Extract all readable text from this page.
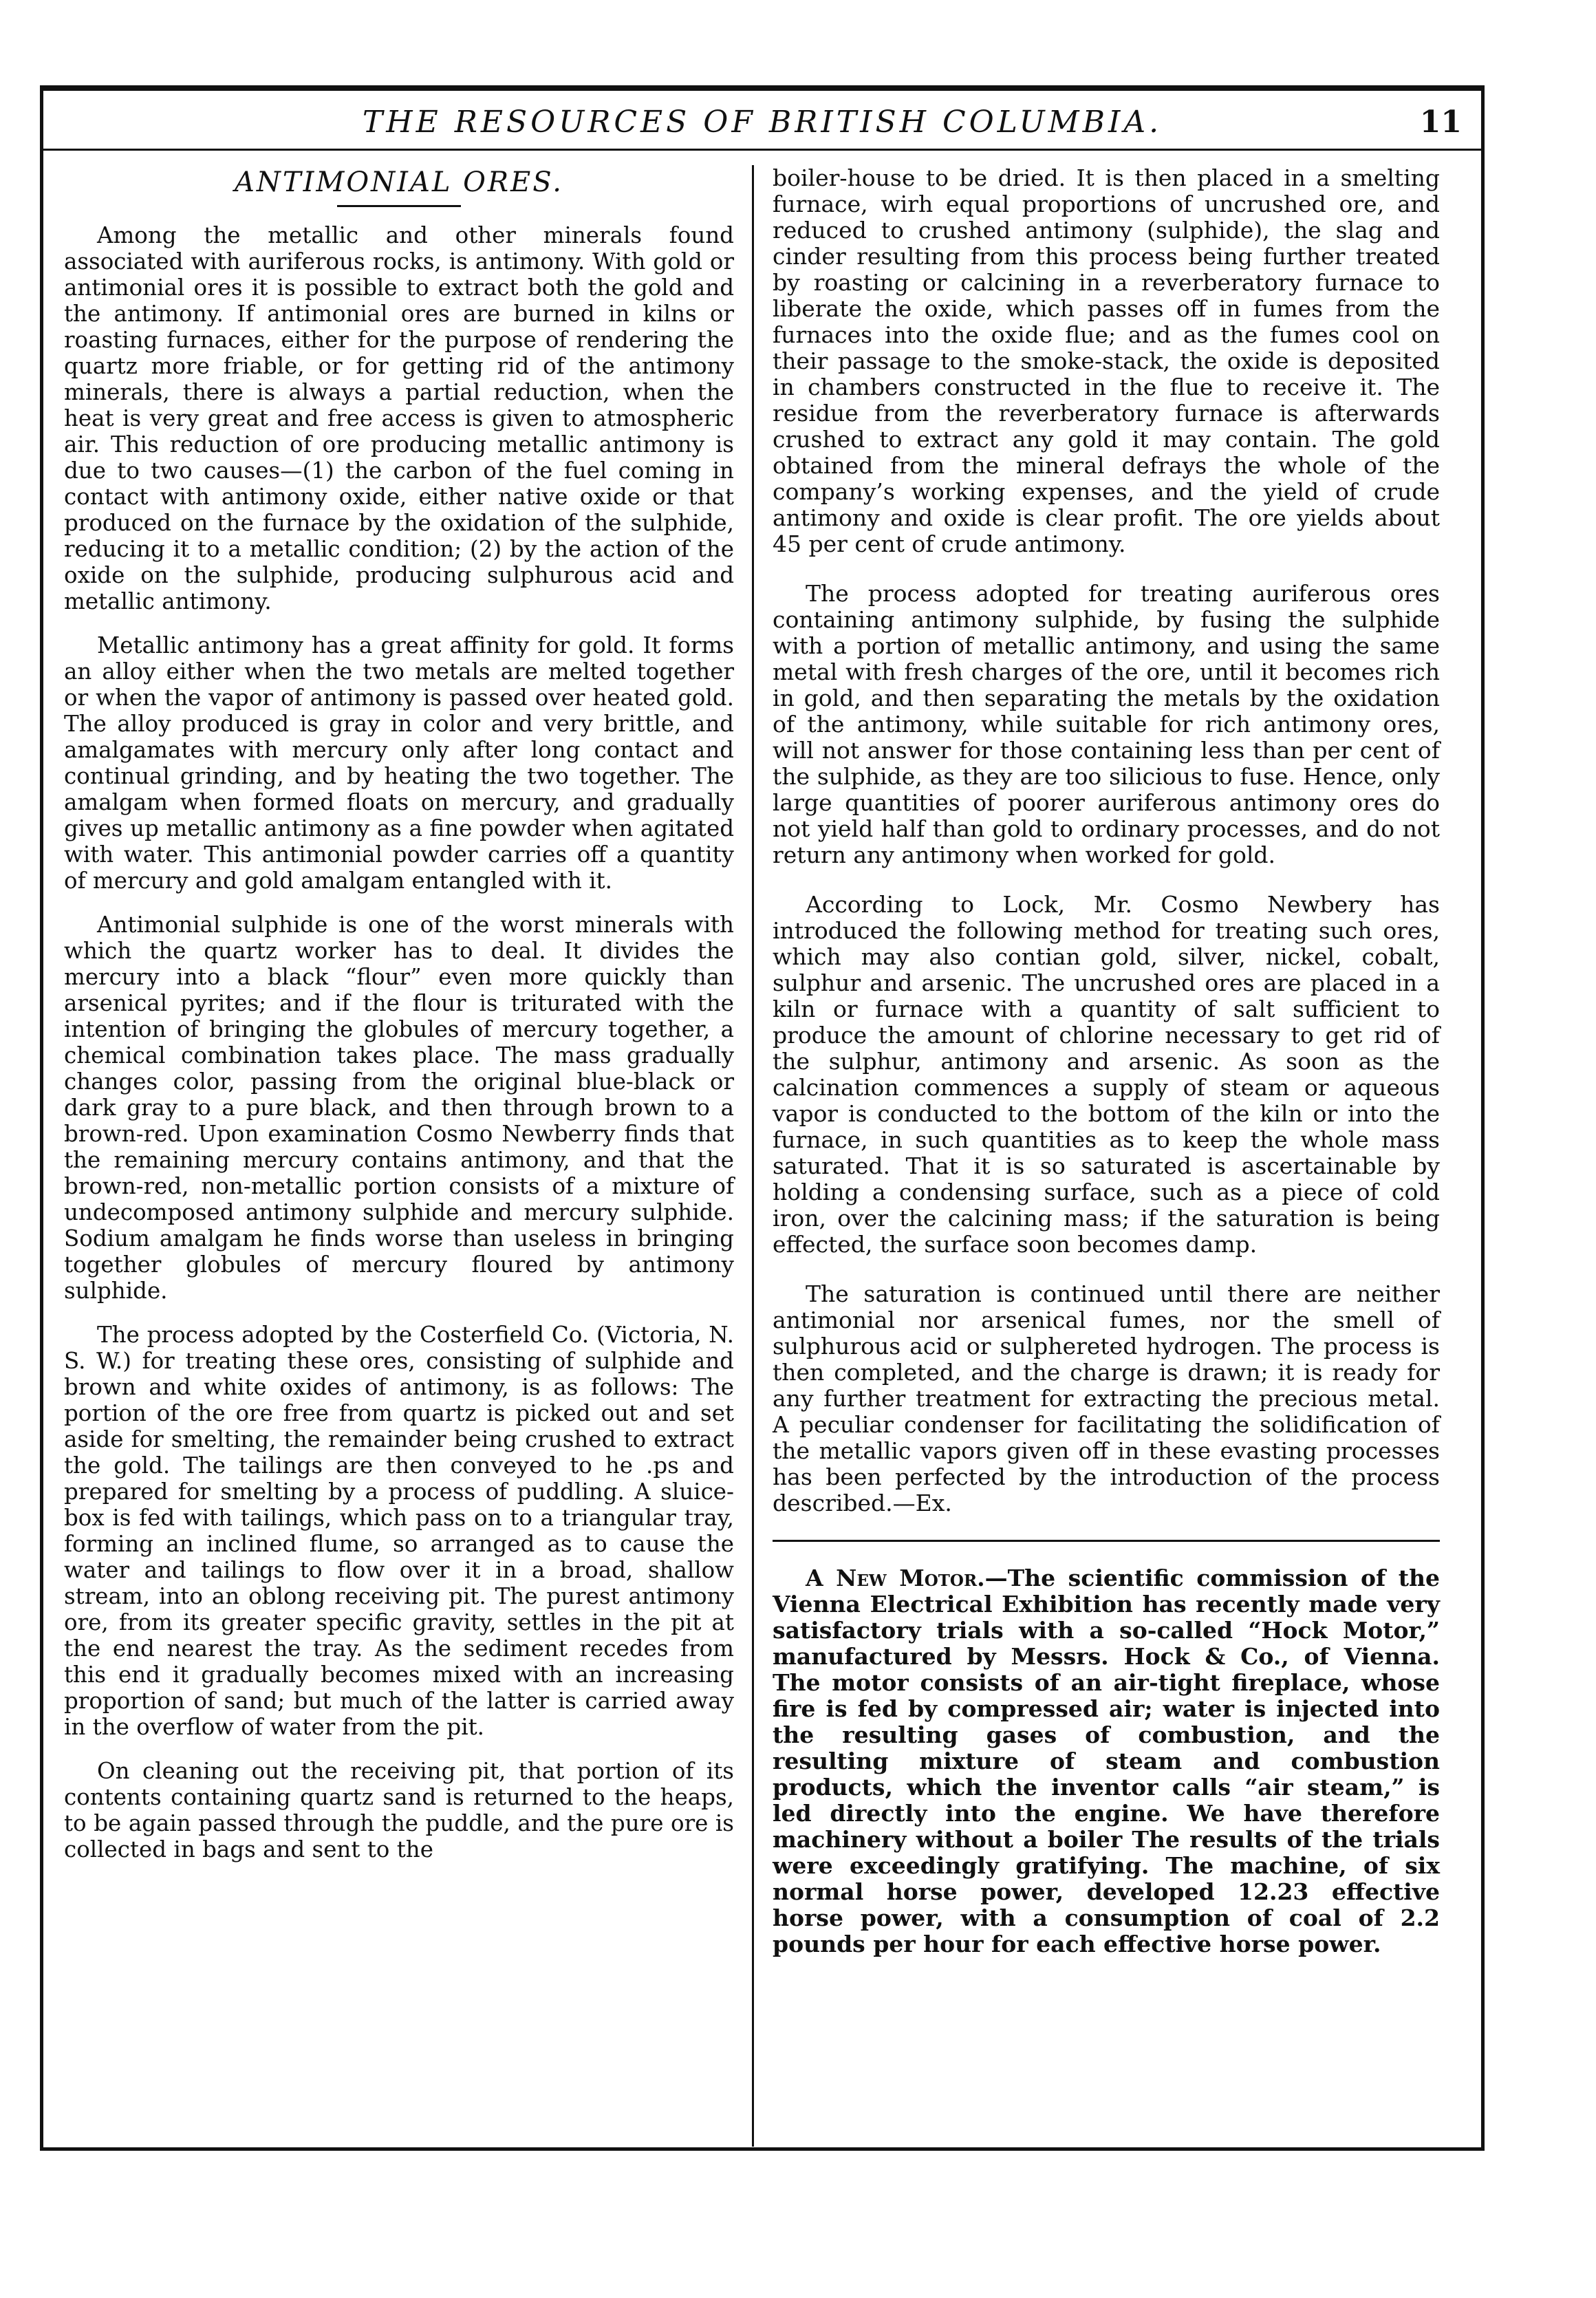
THE RESOURCES OF BRITISH COLUMBIA.	11
ANTIMONIAL ORES.

Among the metallic and other minerals found associated with auriferous rocks, is antimony. With gold or antimonial ores it is possible to extract both the gold and the antimony. If antimonial ores are burned in kilns or roasting furnaces, either for the purpose of rendering the quartz more friable, or for getting rid of the antimony minerals, there is always a partial reduction, when the heat is very great and free access is given to atmospheric air. This reduction of ore producing metallic antimony is due to two causes—(1) the carbon of the fuel coming in contact with antimony oxide, either native oxide or that produced on the furnace by the oxidation of the sulphide, reducing it to a metallic condition; (2) by the action of the oxide on the sulphide, producing sulphurous acid and metallic antimony.

Metallic antimony has a great affinity for gold. It forms an alloy either when the two metals are melted together or when the vapor of antimony is passed over heated gold. The alloy produced is gray in color and very brittle, and amalgamates with mercury only after long contact and continual grinding, and by heating the two together. The amalgam when formed floats on mercury, and gradually gives up metallic antimony as a fine powder when agitated with water. This antimonial powder carries off a quantity of mercury and gold amalgam entangled with it.

Antimonial sulphide is one of the worst minerals with which the quartz worker has to deal. It divides the mercury into a black “flour” even more quickly than arsenical pyrites; and if the flour is triturated with the intention of bringing the globules of mercury together, a chemical combination takes place. The mass gradually changes color, passing from the original blue-black or dark gray to a pure black, and then through brown to a brown-red. Upon examination Cosmo Newberry finds that the remaining mercury contains antimony, and that the brown-red, non-metallic portion consists of a mixture of undecomposed antimony sulphide and mercury sulphide. Sodium amalgam he finds worse than useless in bringing together globules of mercury floured by antimony sulphide.

The process adopted by the Costerfield Co. (Victoria, N. S. W.) for treating these ores, consisting of sulphide and brown and white oxides of antimony, is as follows: The portion of the ore free from quartz is picked out and set aside for smelting, the remainder being crushed to extract the gold. The tailings are then conveyed to he .ps and prepared for smelting by a process of puddling. A sluice-box is fed with tailings, which pass on to a triangular tray, forming an inclined flume, so arranged as to cause the water and tailings to flow over it in a broad, shallow stream, into an oblong receiving pit. The purest antimony ore, from its greater specific gravity, settles in the pit at the end nearest the tray. As the sediment recedes from this end it gradually becomes mixed with an increasing proportion of sand; but much of the latter is carried away in the overflow of water from the pit.

On cleaning out the receiving pit, that portion of its contents containing quartz sand is returned to the heaps, to be again passed through the puddle, and the pure ore is collected in bags and sent to the

boiler-house to be dried. It is then placed in a smelting furnace, wirh equal proportions of uncrushed ore, and reduced to crushed antimony (sulphide), the slag and cinder resulting from this process being further treated by roasting or calcining in a reverberatory furnace to liberate the oxide, which passes off in fumes from the furnaces into the oxide flue; and as the fumes cool on their passage to the smoke-stack, the oxide is deposited in chambers constructed in the flue to receive it. The residue from the reverberatory furnace is afterwards crushed to extract any gold it may contain. The gold obtained from the mineral defrays the whole of the company’s working expenses, and the yield of crude antimony and oxide is clear profit. The ore yields about 45 per cent of crude antimony.

The process adopted for treating auriferous ores containing antimony sulphide, by fusing the sulphide with a portion of metallic antimony, and using the same metal with fresh charges of the ore, until it becomes rich in gold, and then separating the metals by the oxidation of the antimony, while suitable for rich antimony ores, will not answer for those containing less than per cent of the sulphide, as they are too silicious to fuse. Hence, only large quantities of poorer auriferous antimony ores do not yield half than gold to ordinary processes, and do not return any antimony when worked for gold.

According to Lock, Mr. Cosmo Newbery has introduced the following method for treating such ores, which may also contian gold, silver, nickel, cobalt, sulphur and arsenic. The uncrushed ores are placed in a kiln or furnace with a quantity of salt sufficient to produce the amount of chlorine necessary to get rid of the sulphur, antimony and arsenic. As soon as the calcination commences a supply of steam or aqueous vapor is conducted to the bottom of the kiln or into the furnace, in such quantities as to keep the whole mass saturated. That it is so saturated is ascertainable by holding a condensing surface, such as a piece of cold iron, over the calcining mass; if the saturation is being effected, the surface soon becomes damp.

The saturation is continued until there are neither antimonial nor arsenical fumes, nor the smell of sulphurous acid or sulphereted hydrogen. The process is then completed, and the charge is drawn; it is ready for any further treatment for extracting the precious metal. A peculiar condenser for facilitating the solidification of the metallic vapors given off in these evasting processes has been perfected by the introduction of the process described.—Ex.

A New Motor.—The scientific commission of the Vienna Electrical Exhibition has recently made very satisfactory trials with a so-called “Hock Motor,” manufactured by Messrs. Hock & Co., of Vienna. The motor consists of an air-tight fireplace, whose fire is fed by compressed air; water is injected into the resulting gases of combustion, and the resulting mixture of steam and combustion products, which the inventor calls “air steam,” is led directly into the engine. We have therefore machinery without a boiler The results of the trials were exceedingly gratifying. The machine, of six normal horse power, developed 12.23 effective horse power, with a consumption of coal of 2.2 pounds per hour for each effective horse power.
